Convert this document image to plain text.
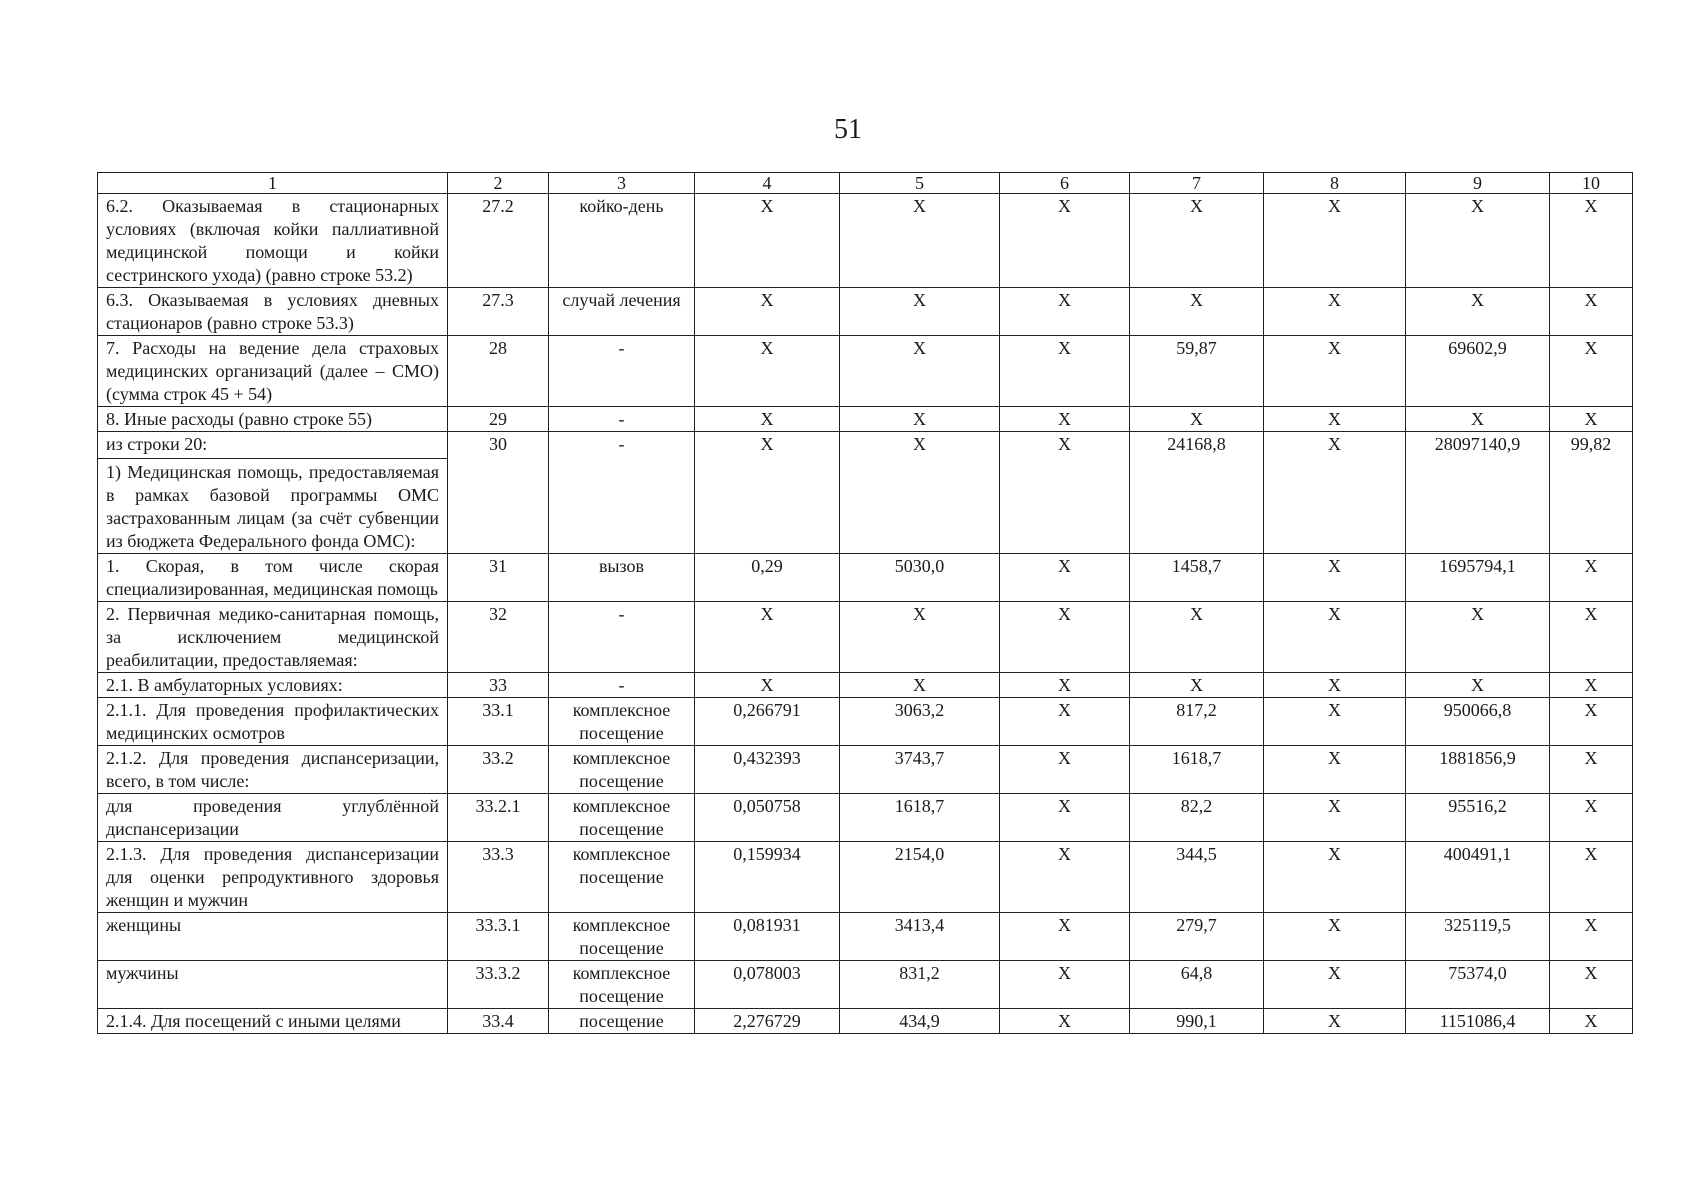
51
1	2	3	4	5	6	7	8	9	10
6.2. Оказываемая в стационарных условиях (включая койки паллиативной медицинской помощи и койки сестринского ухода) (равно строке 53.2)	27.2	койко-день	X	X	X	X	X	X	X
6.3. Оказываемая в условиях дневных стационаров (равно строке 53.3)	27.3	случай лечения	X	X	X	X	X	X	X
7. Расходы на ведение дела страховых медицинских организаций (далее – СМО) (сумма строк 45 + 54)	28	-	X	X	X	59,87	X	69602,9	X
8. Иные расходы (равно строке 55)	29	-	X	X	X	X	X	X	X
из строки 20:
1) Медицинская помощь, предоставляемая в рамках базовой программы ОМС застрахованным лицам (за счёт субвенции из бюджета Федерального фонда ОМС):	30	-	X	X	X	24168,8	X	28097140,9	99,82
1. Скорая, в том числе скорая специализированная, медицинская помощь	31	вызов	0,29	5030,0	X	1458,7	X	1695794,1	X
2. Первичная медико-санитарная помощь, за исключением медицинской реабилитации, предоставляемая:	32	-	X	X	X	X	X	X	X
2.1. В амбулаторных условиях:	33	-	X	X	X	X	X	X	X
2.1.1. Для проведения профилактических медицинских осмотров	33.1	комплексное посещение	0,266791	3063,2	X	817,2	X	950066,8	X
2.1.2. Для проведения диспансеризации, всего, в том числе:	33.2	комплексное посещение	0,432393	3743,7	X	1618,7	X	1881856,9	X
для проведения углублённой диспансеризации	33.2.1	комплексное посещение	0,050758	1618,7	X	82,2	X	95516,2	X
2.1.3. Для проведения диспансеризации для оценки репродуктивного здоровья женщин и мужчин	33.3	комплексное посещение	0,159934	2154,0	X	344,5	X	400491,1	X
женщины	33.3.1	комплексное посещение	0,081931	3413,4	X	279,7	X	325119,5	X
мужчины	33.3.2	комплексное посещение	0,078003	831,2	X	64,8	X	75374,0	X
2.1.4. Для посещений с иными целями	33.4	посещение	2,276729	434,9	X	990,1	X	1151086,4	X
